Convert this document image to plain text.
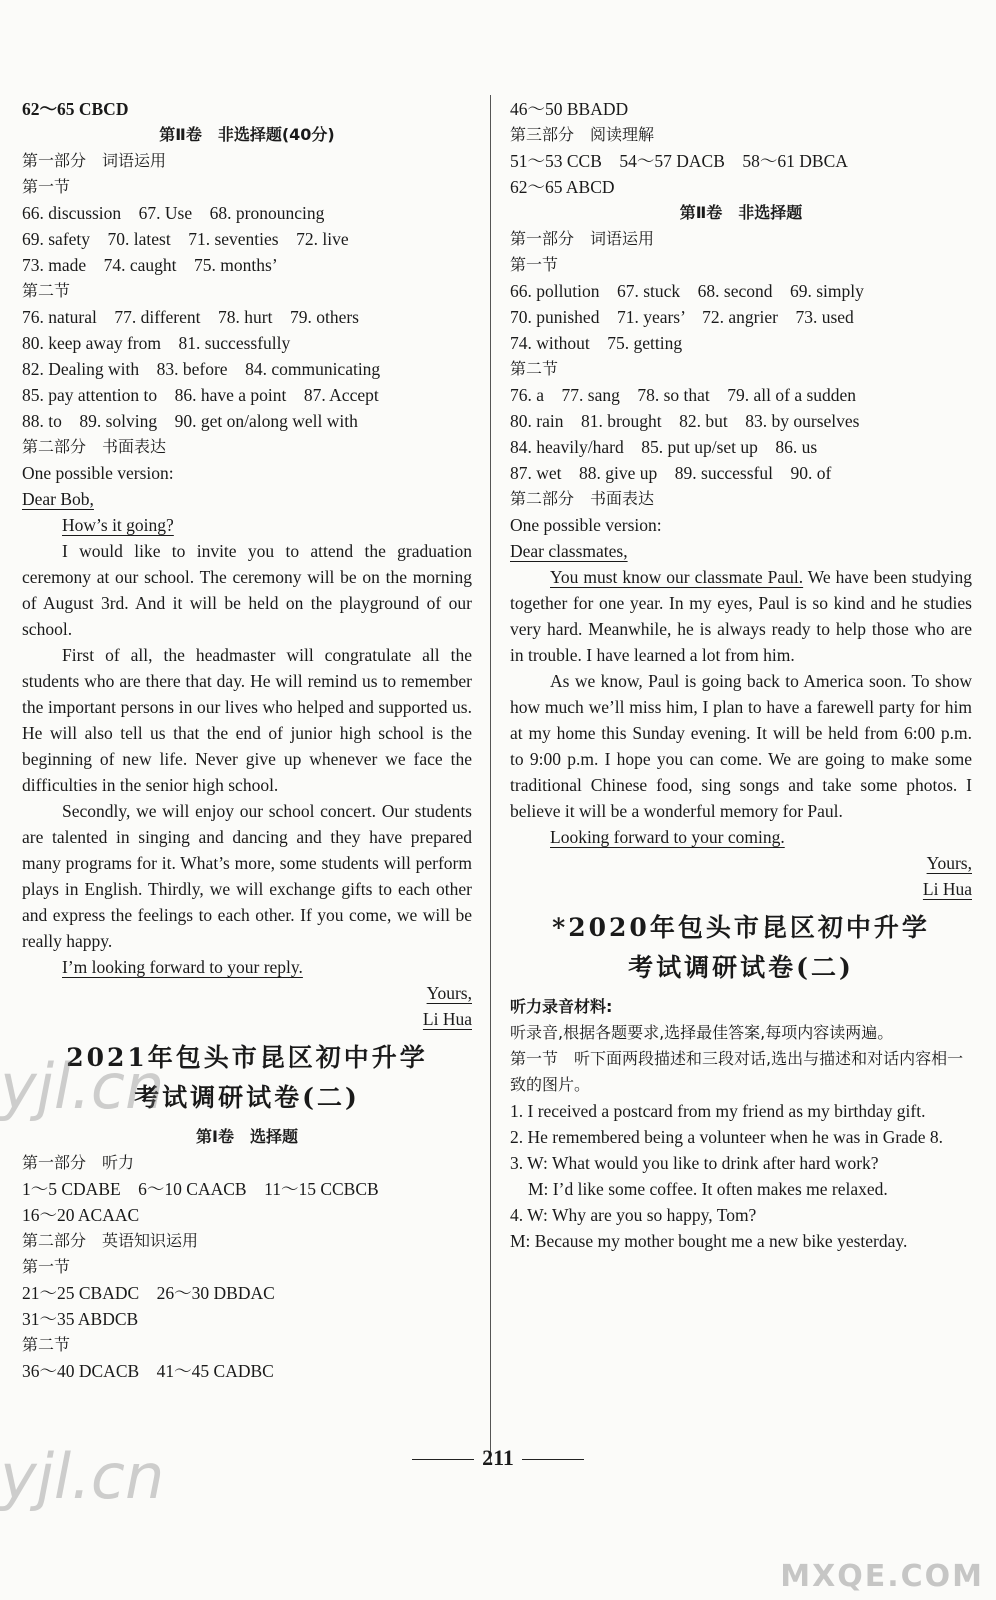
62～65 CBCD
第Ⅱ卷　非选择题(40分)
第一部分　词语运用
第一节
66. discussion　67. Use　68. pronouncing
69. safety　70. latest　71. seventies　72. live
73. made　74. caught　75. months’
第二节
76. natural　77. different　78. hurt　79. others
80. keep away from　81. successfully
82. Dealing with　83. before　84. communicating
85. pay attention to　86. have a point　87. Accept
88. to　89. solving　90. get on/along well with
第二部分　书面表达
One possible version:
Dear Bob,
How’s it going?
I would like to invite you to attend the graduation ceremony at our school. The ceremony will be on the morning of August 3rd. And it will be held on the playground of our school.
First of all, the headmaster will congratulate all the students who are there that day. He will remind us to remember the important persons in our lives who helped and supported us. He will also tell us that the end of junior high school is the beginning of new life. Never give up whenever we face the difficulties in the senior high school.
Secondly, we will enjoy our school concert. Our students are talented in singing and dancing and they have prepared many programs for it. What’s more, some students will perform plays in English. Thirdly, we will exchange gifts to each other and express the feelings to each other. If you come, we will be really happy.
I’m looking forward to your reply.
Yours,
Li Hua
2021年包头市昆区初中升学
考试调研试卷(二)
第Ⅰ卷　选择题
第一部分　听力
1～5 CDABE　6～10 CAACB　11～15 CCBCB
16～20 ACAAC
第二部分　英语知识运用
第一节
21～25 CBADC　26～30 DBDAC
31～35 ABDCB
第二节
36～40 DCACB　41～45 CADBC
46～50 BBADD
第三部分　阅读理解
51～53 CCB　54～57 DACB　58～61 DBCA
62～65 ABCD
第Ⅱ卷　非选择题
第一部分　词语运用
第一节
66. pollution　67. stuck　68. second　69. simply
70. punished　71. years’　72. angrier　73. used
74. without　75. getting
第二节
76. a　77. sang　78. so that　79. all of a sudden
80. rain　81. brought　82. but　83. by ourselves
84. heavily/hard　85. put up/set up　86. us
87. wet　88. give up　89. successful　90. of
第二部分　书面表达
One possible version:
Dear classmates,
You must know our classmate Paul. We have been studying together for one year. In my eyes, Paul is so kind and he studies very hard. Meanwhile, he is always ready to help those who are in trouble. I have learned a lot from him.
As we know, Paul is going back to America soon. To show how much we’ll miss him, I plan to have a farewell party for him at my home this Sunday evening. It will be held from 6:00 p.m. to 9:00 p.m. I hope you can come. We are going to make some traditional Chinese food, sing songs and take some photos. I believe it will be a wonderful memory for Paul.
Looking forward to your coming.
Yours,
Li Hua
*2020年包头市昆区初中升学
考试调研试卷(二)
听力录音材料:
听录音,根据各题要求,选择最佳答案,每项内容读两遍。
第一节　听下面两段描述和三段对话,选出与描述和对话内容相一致的图片。
1. I received a postcard from my friend as my birthday gift.
2. He remembered being a volunteer when he was in Grade 8.
3. W: What would you like to drink after hard work?
M: I’d like some coffee. It often makes me relaxed.
4. W: Why are you so happy, Tom?
M: Because my mother bought me a new bike yesterday.
211
yjl.cn
yjl.cn
MXQE.COM
